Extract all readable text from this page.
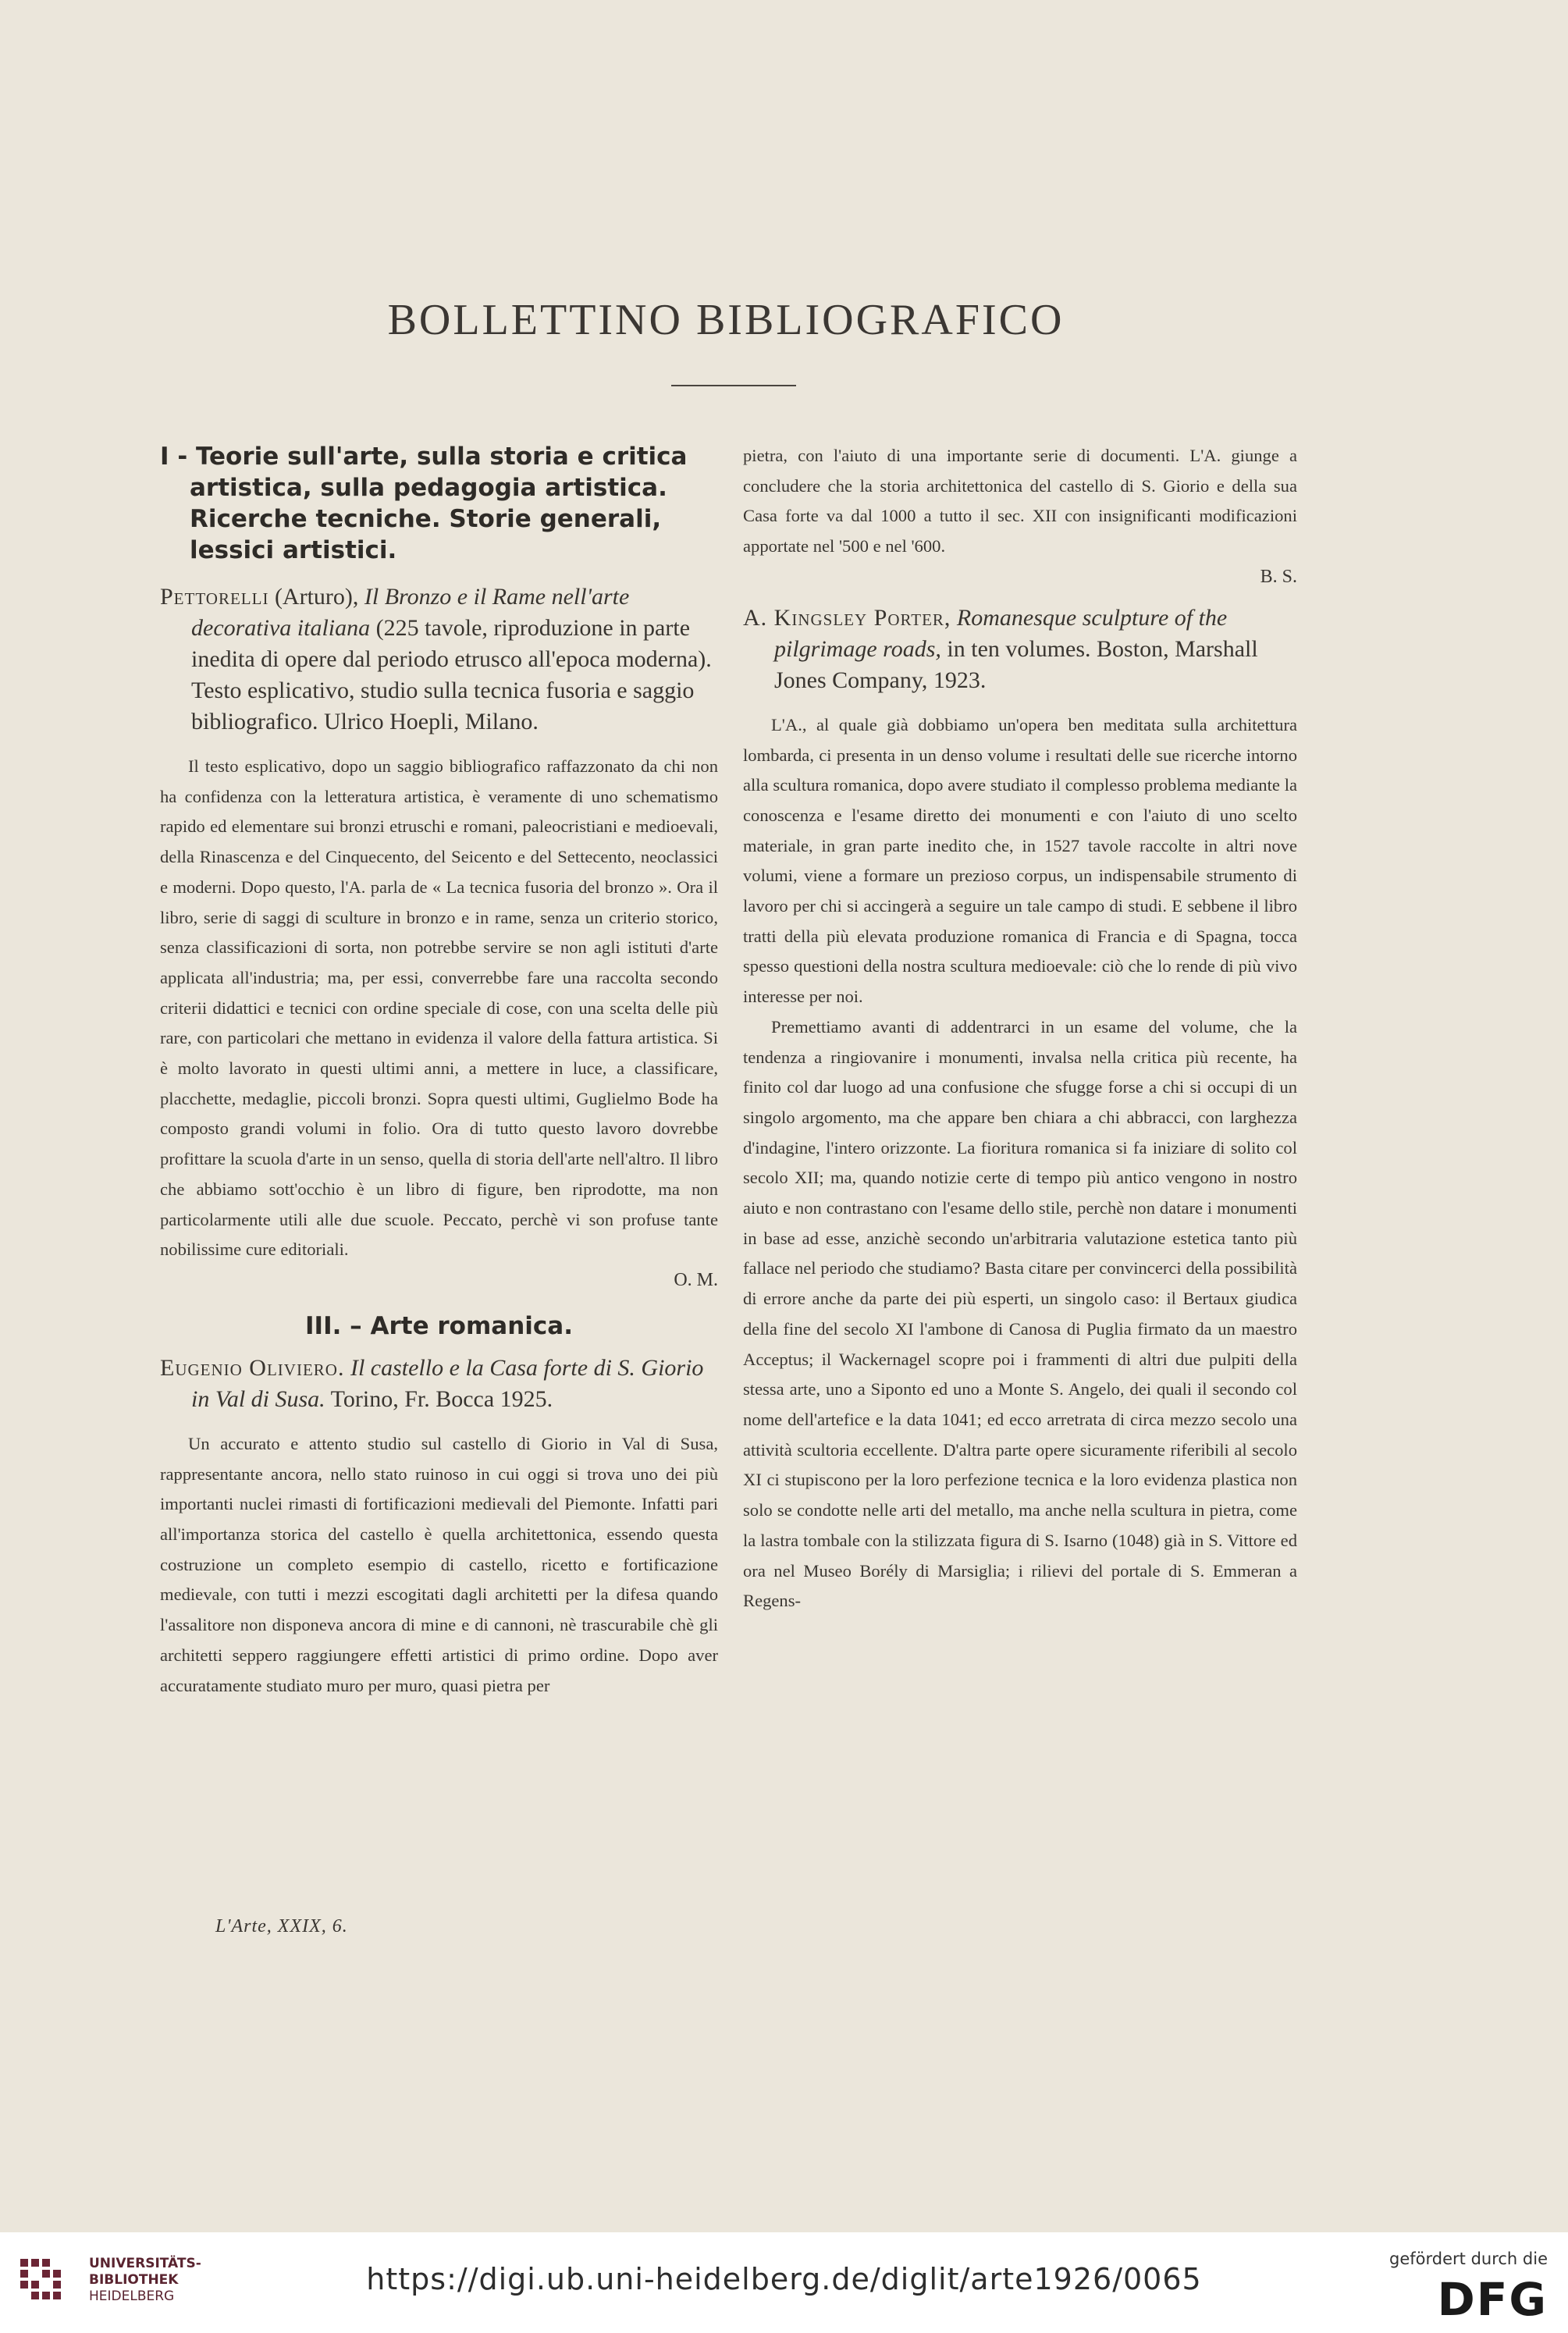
BOLLETTINO BIBLIOGRAFICO
I - Teorie sull'arte, sulla storia e critica artistica, sulla pedagogia artistica. Ricerche tecniche. Storie generali, lessici artistici.
Pettorelli (Arturo), Il Bronzo e il Rame nell'arte decorativa italiana (225 tavole, riproduzione in parte inedita di opere dal periodo etrusco all'epoca moderna). Testo esplicativo, studio sulla tecnica fusoria e saggio bibliografico. Ulrico Hoepli, Milano.

Il testo esplicativo, dopo un saggio bibliografico raffazzonato da chi non ha confidenza con la letteratura artistica, è veramente di uno schematismo rapido ed elementare sui bronzi etruschi e romani, paleocristiani e medioevali, della Rinascenza e del Cinquecento, del Seicento e del Settecento, neoclassici e moderni. Dopo questo, l'A. parla de « La tecnica fusoria del bronzo ». Ora il libro, serie di saggi di sculture in bronzo e in rame, senza un criterio storico, senza classificazioni di sorta, non potrebbe servire se non agli istituti d'arte applicata all'industria; ma, per essi, converrebbe fare una raccolta secondo criterii didattici e tecnici con ordine speciale di cose, con una scelta delle più rare, con particolari che mettano in evidenza il valore della fattura artistica. Si è molto lavorato in questi ultimi anni, a mettere in luce, a classificare, placchette, medaglie, piccoli bronzi. Sopra questi ultimi, Guglielmo Bode ha composto grandi volumi in folio. Ora di tutto questo lavoro dovrebbe profittare la scuola d'arte in un senso, quella di storia dell'arte nell'altro. Il libro che abbiamo sott'occhio è un libro di figure, ben riprodotte, ma non particolarmente utili alle due scuole. Peccato, perchè vi son profuse tante nobilissime cure editoriali.

O. M.
III. – Arte romanica.
Eugenio Oliviero. Il castello e la Casa forte di S. Giorio in Val di Susa. Torino, Fr. Bocca 1925.

Un accurato e attento studio sul castello di Giorio in Val di Susa, rappresentante ancora, nello stato ruinoso in cui oggi si trova uno dei più importanti nuclei rimasti di fortificazioni medievali del Piemonte. Infatti pari all'importanza storica del castello è quella architettonica, essendo questa costruzione un completo esempio di castello, ricetto e fortificazione medievale, con tutti i mezzi escogitati dagli architetti per la difesa quando l'assalitore non disponeva ancora di mine e di cannoni, nè trascurabile chè gli architetti seppero raggiungere effetti artistici di primo ordine. Dopo aver accuratamente studiato muro per muro, quasi pietra per

pietra, con l'aiuto di una importante serie di documenti. L'A. giunge a concludere che la storia architettonica del castello di S. Giorio e della sua Casa forte va dal 1000 a tutto il sec. XII con insignificanti modificazioni apportate nel '500 e nel '600.

B. S.
A. Kingsley Porter, Romanesque sculpture of the pilgrimage roads, in ten volumes. Boston, Marshall Jones Company, 1923.

L'A., al quale già dobbiamo un'opera ben meditata sulla architettura lombarda, ci presenta in un denso volume i resultati delle sue ricerche intorno alla scultura romanica, dopo avere studiato il complesso problema mediante la conoscenza e l'esame diretto dei monumenti e con l'aiuto di uno scelto materiale, in gran parte inedito che, in 1527 tavole raccolte in altri nove volumi, viene a formare un prezioso corpus, un indispensabile strumento di lavoro per chi si accingerà a seguire un tale campo di studi. E sebbene il libro tratti della più elevata produzione romanica di Francia e di Spagna, tocca spesso questioni della nostra scultura medioevale: ciò che lo rende di più vivo interesse per noi.

Premettiamo avanti di addentrarci in un esame del volume, che la tendenza a ringiovanire i monumenti, invalsa nella critica più recente, ha finito col dar luogo ad una confusione che sfugge forse a chi si occupi di un singolo argomento, ma che appare ben chiara a chi abbracci, con larghezza d'indagine, l'intero orizzonte. La fioritura romanica si fa iniziare di solito col secolo XII; ma, quando notizie certe di tempo più antico vengono in nostro aiuto e non contrastano con l'esame dello stile, perchè non datare i monumenti in base ad esse, anzichè secondo un'arbitraria valutazione estetica tanto più fallace nel periodo che studiamo? Basta citare per convincerci della possibilità di errore anche da parte dei più esperti, un singolo caso: il Bertaux giudica della fine del secolo XI l'ambone di Canosa di Puglia firmato da un maestro Acceptus; il Wackernagel scopre poi i frammenti di altri due pulpiti della stessa arte, uno a Siponto ed uno a Monte S. Angelo, dei quali il secondo col nome dell'artefice e la data 1041; ed ecco arretrata di circa mezzo secolo una attività scultoria eccellente. D'altra parte opere sicuramente riferibili al secolo XI ci stupiscono per la loro perfezione tecnica e la loro evidenza plastica non solo se condotte nelle arti del metallo, ma anche nella scultura in pietra, come la lastra tombale con la stilizzata figura di S. Isarno (1048) già in S. Vittore ed ora nel Museo Borély di Marsiglia; i rilievi del portale di S. Emmeran a Regens-

L'Arte, XXIX, 6.
UNIVERSITÄTS-
BIBLIOTHEK
HEIDELBERG	https://digi.ub.uni-heidelberg.de/diglit/arte1926/0065
gefördert durch die
DFG
